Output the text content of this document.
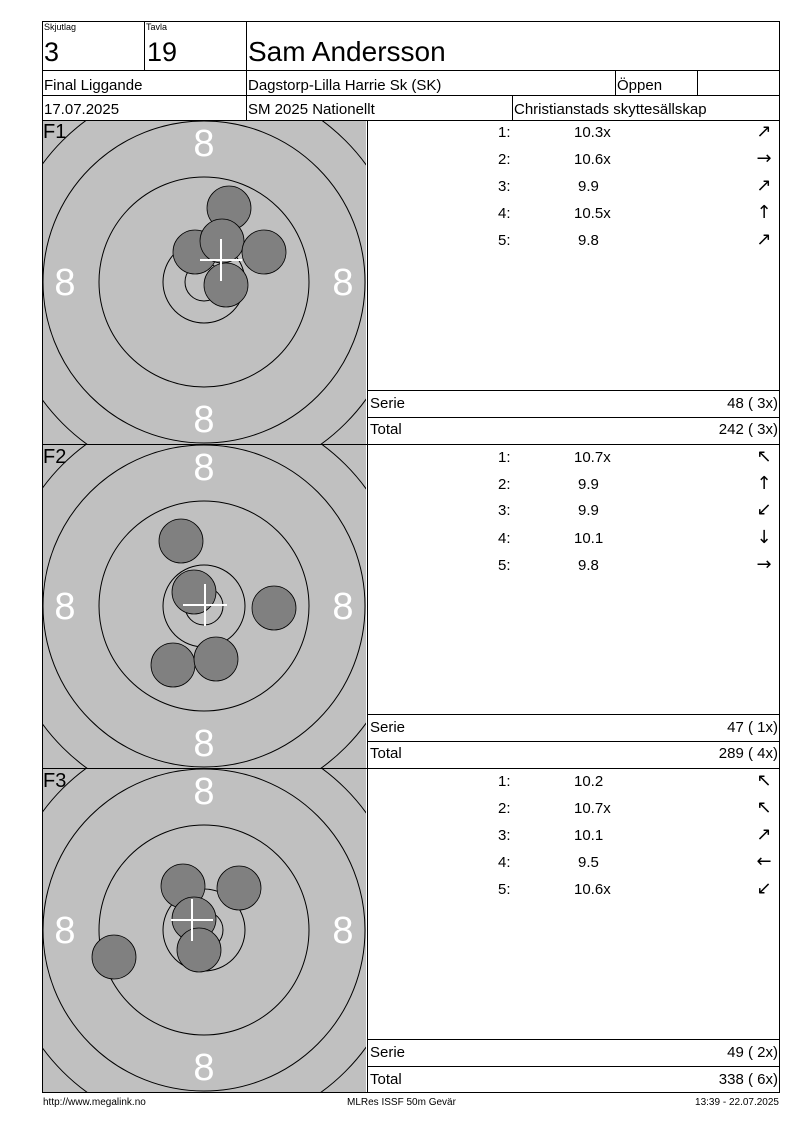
Skjutlag
3
Tavla
19	Sam Andersson
Final Liggande	Dagstorp-Lilla Harrie Sk (SK)	Öppen
17.07.2025	SM 2025 Nationellt	Christianstads skyttesällskap
8
8
8	8
F1	1:	10.3x	↗
2:	10.6x	→
3:	9.9	↗
4:	10.5x	↑
5:	9.8	↗
Serie	48 ( 3x)
Total	242 ( 3x)
8
8
8	8
F2	1:	10.7x	↖
2:	9.9	↑
3:	9.9	↙
4:	10.1	↓
5:	9.8	→
Serie	47 ( 1x)
Total	289 ( 4x)
8
8
8	8
F3	1:	10.2	↖
2:	10.7x	↖
3:	10.1	↗
4:	9.5	←
5:	10.6x	↙
Serie	49 ( 2x)
Total	338 ( 6x)
http://www.megalink.no	MLRes ISSF 50m Gevär	13:39 - 22.07.2025
